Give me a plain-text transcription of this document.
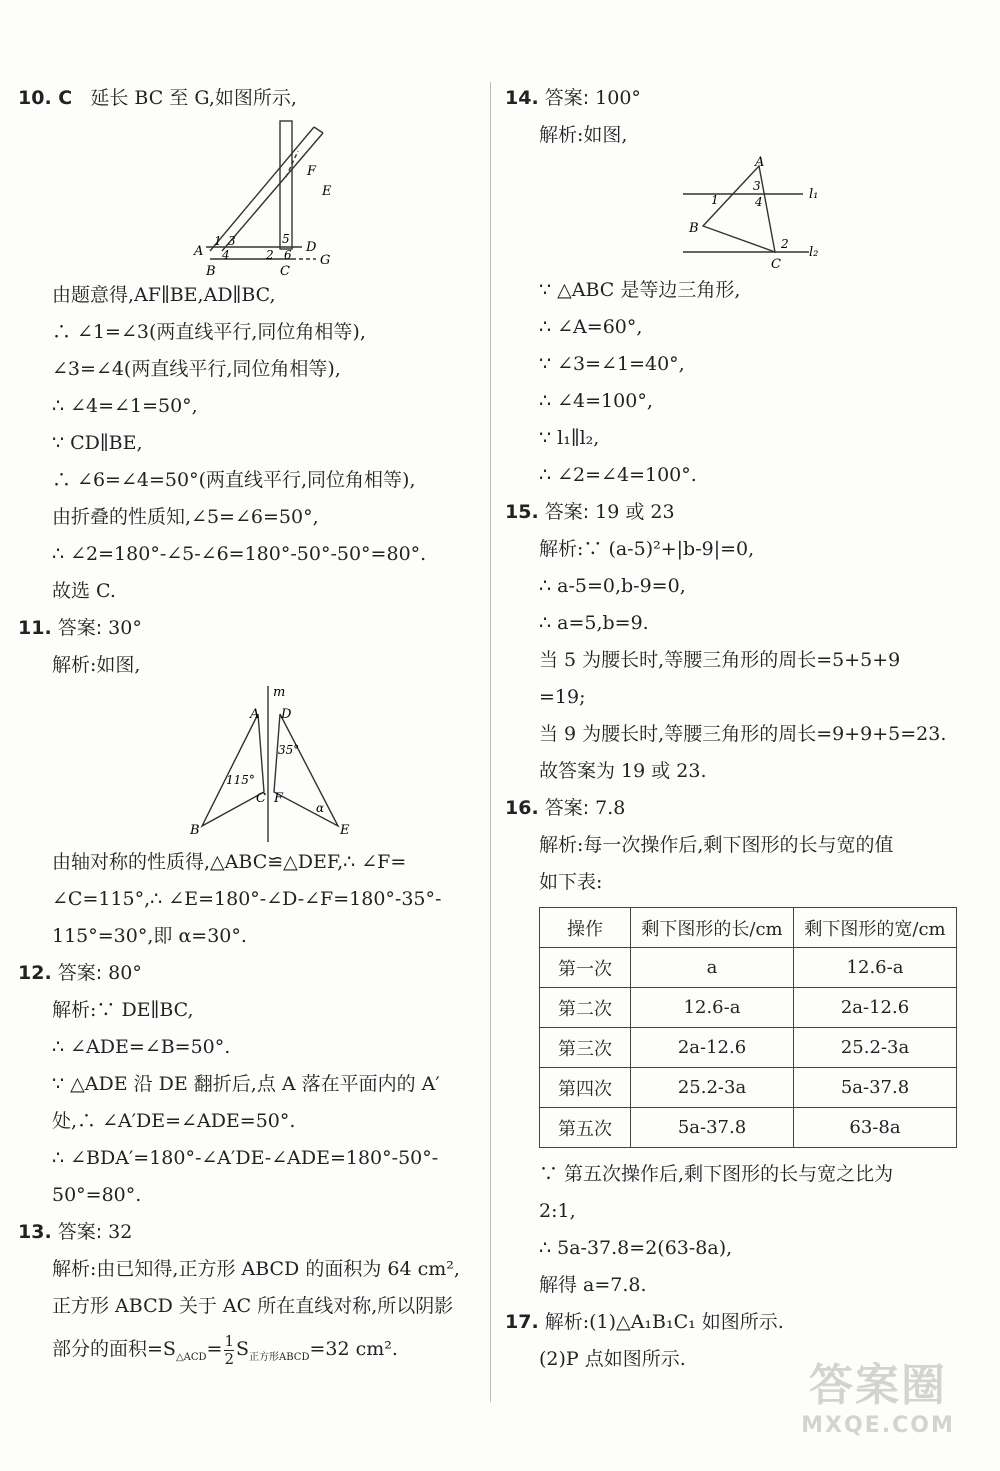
10. C 延长 BC 至 G,如图所示,
F
E
A
B	C
D
G
1
2
3
4
5
6
由题意得,AF∥BE,AD∥BC,
∴ ∠1=∠3(两直线平行,同位角相等),
∠3=∠4(两直线平行,同位角相等),
∴ ∠4=∠1=50°,
∵ CD∥BE,
∴ ∠6=∠4=50°(两直线平行,同位角相等),
由折叠的性质知,∠5=∠6=50°,
∴ ∠2=180°-∠5-∠6=180°-50°-50°=80°.
故选 C.
11. 答案: 30°
解析:如图,
m
A
B
C
D
E
F
115°
35°
α
由轴对称的性质得,△ABC≌△DEF,∴ ∠F=
∠C=115°,∴ ∠E=180°-∠D-∠F=180°-35°-
115°=30°,即 α=30°.
12. 答案: 80°
解析:∵ DE∥BC,
∴ ∠ADE=∠B=50°.
∵ △ADE 沿 DE 翻折后,点 A 落在平面内的 A′
处,∴ ∠A′DE=∠ADE=50°.
∴ ∠BDA′=180°-∠A′DE-∠ADE=180°-50°-
50°=80°.
13. 答案: 32
解析:由已知得,正方形 ABCD 的面积为 64 cm²,
正方形 ABCD 关于 AC 所在直线对称,所以阴影
部分的面积$=S_{\triangle ACD}= \frac{1}{2} S_{正方形ABCD}=32$ cm².
14. 答案: 100°
解析:如图,
A
B
C
l₁
l₂
1
2
3
4
∵ △ABC 是等边三角形,
∴ ∠A=60°,
∵ ∠3=∠1=40°,
∴ ∠4=100°,
∵ l₁∥l₂,
∴ ∠2=∠4=100°.
15. 答案: 19 或 23
解析:∵ (a-5)²+|b-9|=0,
∴ a-5=0,b-9=0,
∴ a=5,b=9.
当 5 为腰长时,等腰三角形的周长=5+5+9
=19;
当 9 为腰长时,等腰三角形的周长=9+9+5=23.
故答案为 19 或 23.
16. 答案: 7.8
解析:每一次操作后,剩下图形的长与宽的值
如下表:
操作	剩下图形的长/cm	剩下图形的宽/cm
第一次	a	12.6-a
第二次	12.6-a	2a-12.6
第三次	2a-12.6	25.2-3a
第四次	25.2-3a	5a-37.8
第五次	5a-37.8	63-8a
∵ 第五次操作后,剩下图形的长与宽之比为
2:1,
∴ 5a-37.8=2(63-8a),
解得 a=7.8.
17. 解析:(1)△A₁B₁C₁ 如图所示.
(2)P 点如图所示.
答案圈
MXQE.COM
